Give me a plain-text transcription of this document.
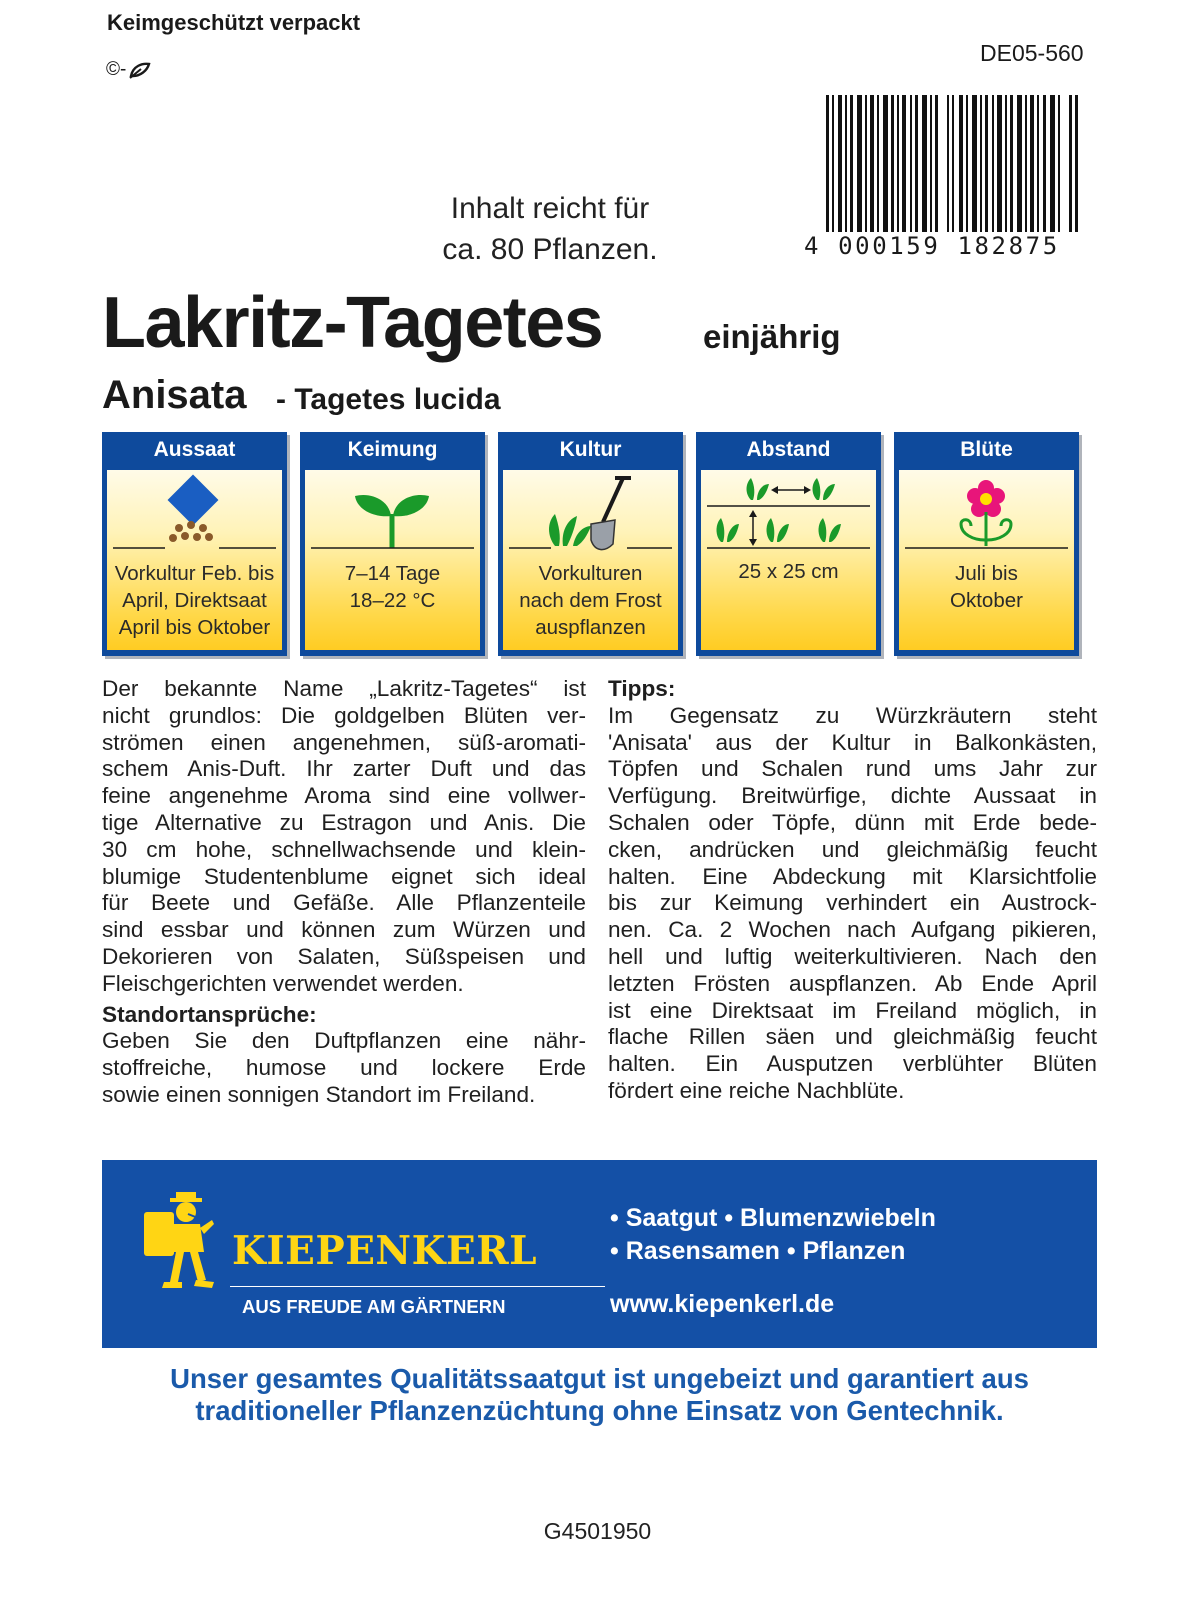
Keimgeschützt verpackt
©-
DE05-560
4 000159 182875
Inhalt reicht für
ca. 80 Pflanzen.
Lakritz-Tagetes	einjährig
Anisata - Tagetes lucida
Aussaat
Vorkultur Feb. bis
April, Direktsaat
April bis Oktober
Keimung
7–14 Tage
18–22 °C
Kultur
Vorkulturen
nach dem Frost
auspflanzen
Abstand
25 x 25 cm
Blüte
Juli bis
Oktober

Der bekannte Name „Lakritz-Tagetes“ ist
nicht grundlos: Die goldgelben Blüten ver-
strömen einen angenehmen, süß-aromati-
schem Anis-Duft. Ihr zarter Duft und das
feine angenehme Aroma sind eine vollwer-
tige Alternative zu Estragon und Anis. Die
30 cm hohe, schnellwachsende und klein-
blumige Studentenblume eignet sich ideal
für Beete und Gefäße. Alle Pflanzenteile
sind essbar und können zum Würzen und
Dekorieren von Salaten, Süßspeisen und
Fleischgerichten verwendet werden.

Standortansprüche:

Geben Sie den Duftpflanzen eine nähr-
stoffreiche, humose und lockere Erde
sowie einen sonnigen Standort im Freiland.

Tipps:

Im Gegensatz zu Würzkräutern steht
'Anisata' aus der Kultur in Balkonkästen,
Töpfen und Schalen rund ums Jahr zur
Verfügung. Breitwürfige, dichte Aussaat in
Schalen oder Töpfe, dünn mit Erde bede-
cken, andrücken und gleichmäßig feucht
halten. Eine Abdeckung mit Klarsichtfolie
bis zur Keimung verhindert ein Austrock-
nen. Ca. 2 Wochen nach Aufgang pikieren,
hell und luftig weiterkultivieren. Nach den
letzten Frösten auspflanzen. Ab Ende April
ist eine Direktsaat im Freiland möglich, in
flache Rillen säen und gleichmäßig feucht
halten. Ein Ausputzen verblühter Blüten
fördert eine reiche Nachblüte.

KIEPENKERL
AUS FREUDE AM GÄRTNERN
• Saatgut • Blumenzwiebeln
• Rasensamen • Pflanzen
www.kiepenkerl.de
Unser gesamtes Qualitätssaatgut ist ungebeizt und garantiert aus
traditioneller Pflanzenzüchtung ohne Einsatz von Gentechnik.
G4501950
